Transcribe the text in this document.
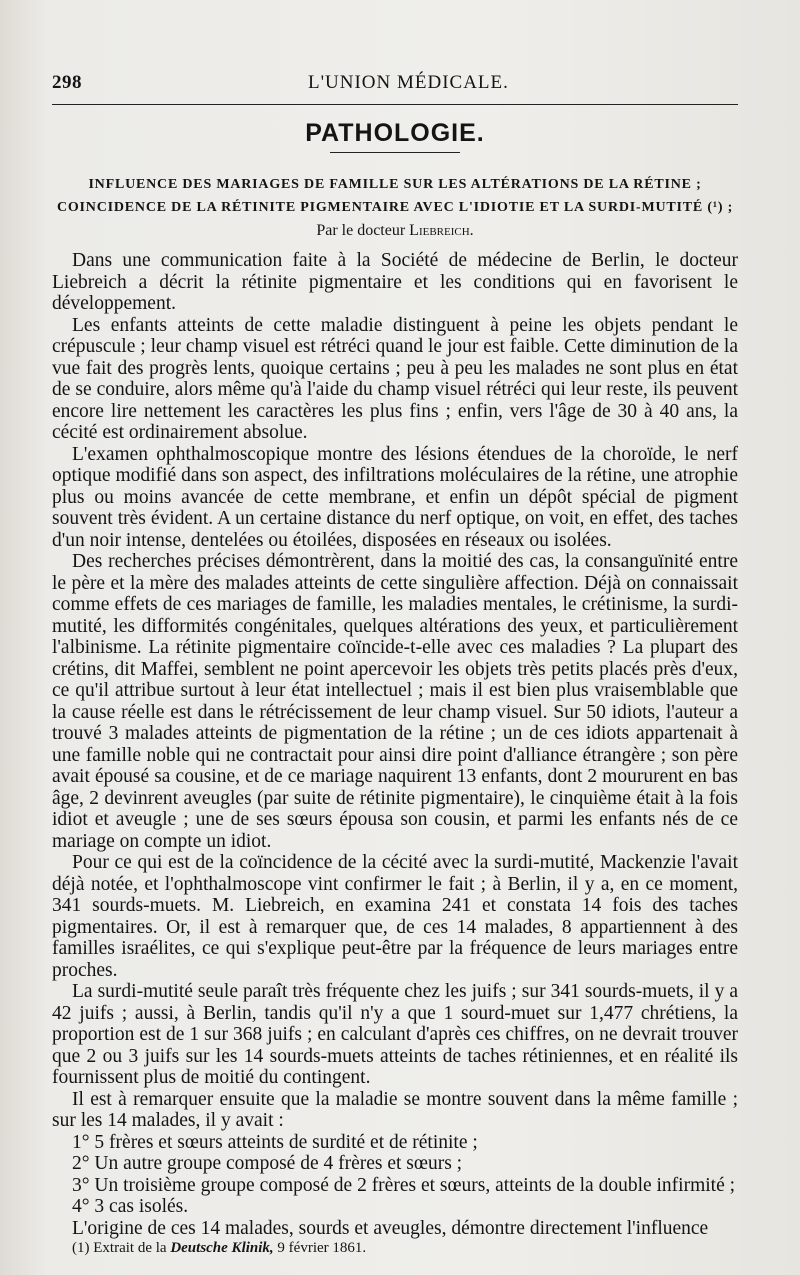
298	L'UNION MÉDICALE.
PATHOLOGIE.
INFLUENCE DES MARIAGES DE FAMILLE SUR LES ALTÉRATIONS DE LA RÉTINE ;
COINCIDENCE DE LA RÉTINITE PIGMENTAIRE AVEC L'IDIOTIE ET LA SURDI-MUTITÉ (¹) ;
Par le docteur Liebreich.

Dans une communication faite à la Société de médecine de Berlin, le docteur Liebreich a décrit la rétinite pigmentaire et les conditions qui en favorisent le développement.

Les enfants atteints de cette maladie distinguent à peine les objets pendant le crépuscule ; leur champ visuel est rétréci quand le jour est faible. Cette diminution de la vue fait des progrès lents, quoique certains ; peu à peu les malades ne sont plus en état de se conduire, alors même qu'à l'aide du champ visuel rétréci qui leur reste, ils peuvent encore lire nettement les caractères les plus fins ; enfin, vers l'âge de 30 à 40 ans, la cécité est ordinairement absolue.

L'examen ophthalmoscopique montre des lésions étendues de la choroïde, le nerf optique modifié dans son aspect, des infiltrations moléculaires de la rétine, une atrophie plus ou moins avancée de cette membrane, et enfin un dépôt spécial de pigment souvent très évident. A un certaine distance du nerf optique, on voit, en effet, des taches d'un noir intense, dentelées ou étoilées, disposées en réseaux ou isolées.

Des recherches précises démontrèrent, dans la moitié des cas, la consanguïnité entre le père et la mère des malades atteints de cette singulière affection. Déjà on connaissait comme effets de ces mariages de famille, les maladies mentales, le crétinisme, la surdi-mutité, les difformités congénitales, quelques altérations des yeux, et particulièrement l'albinisme. La rétinite pigmentaire coïncide-t-elle avec ces maladies ? La plupart des crétins, dit Maffei, semblent ne point apercevoir les objets très petits placés près d'eux, ce qu'il attribue surtout à leur état intellectuel ; mais il est bien plus vraisemblable que la cause réelle est dans le rétrécissement de leur champ visuel. Sur 50 idiots, l'auteur a trouvé 3 malades atteints de pigmentation de la rétine ; un de ces idiots appartenait à une famille noble qui ne contractait pour ainsi dire point d'alliance étrangère ; son père avait épousé sa cousine, et de ce mariage naquirent 13 enfants, dont 2 moururent en bas âge, 2 devinrent aveugles (par suite de rétinite pigmentaire), le cinquième était à la fois idiot et aveugle ; une de ses sœurs épousa son cousin, et parmi les enfants nés de ce mariage on compte un idiot.

Pour ce qui est de la coïncidence de la cécité avec la surdi-mutité, Mackenzie l'avait déjà notée, et l'ophthalmoscope vint confirmer le fait ; à Berlin, il y a, en ce moment, 341 sourds-muets. M. Liebreich, en examina 241 et constata 14 fois des taches pigmentaires. Or, il est à remarquer que, de ces 14 malades, 8 appartiennent à des familles israélites, ce qui s'explique peut-être par la fréquence de leurs mariages entre proches.

La surdi-mutité seule paraît très fréquente chez les juifs ; sur 341 sourds-muets, il y a 42 juifs ; aussi, à Berlin, tandis qu'il n'y a que 1 sourd-muet sur 1,477 chrétiens, la proportion est de 1 sur 368 juifs ; en calculant d'après ces chiffres, on ne devrait trouver que 2 ou 3 juifs sur les 14 sourds-muets atteints de taches rétiniennes, et en réalité ils fournissent plus de moitié du contingent.

Il est à remarquer ensuite que la maladie se montre souvent dans la même famille ; sur les 14 malades, il y avait :

1° 5 frères et sœurs atteints de surdité et de rétinite ;

2° Un autre groupe composé de 4 frères et sœurs ;

3° Un troisième groupe composé de 2 frères et sœurs, atteints de la double infirmité ;

4° 3 cas isolés.

L'origine de ces 14 malades, sourds et aveugles, démontre directement l'influence

(1) Extrait de la Deutsche Klinik, 9 février 1861.
